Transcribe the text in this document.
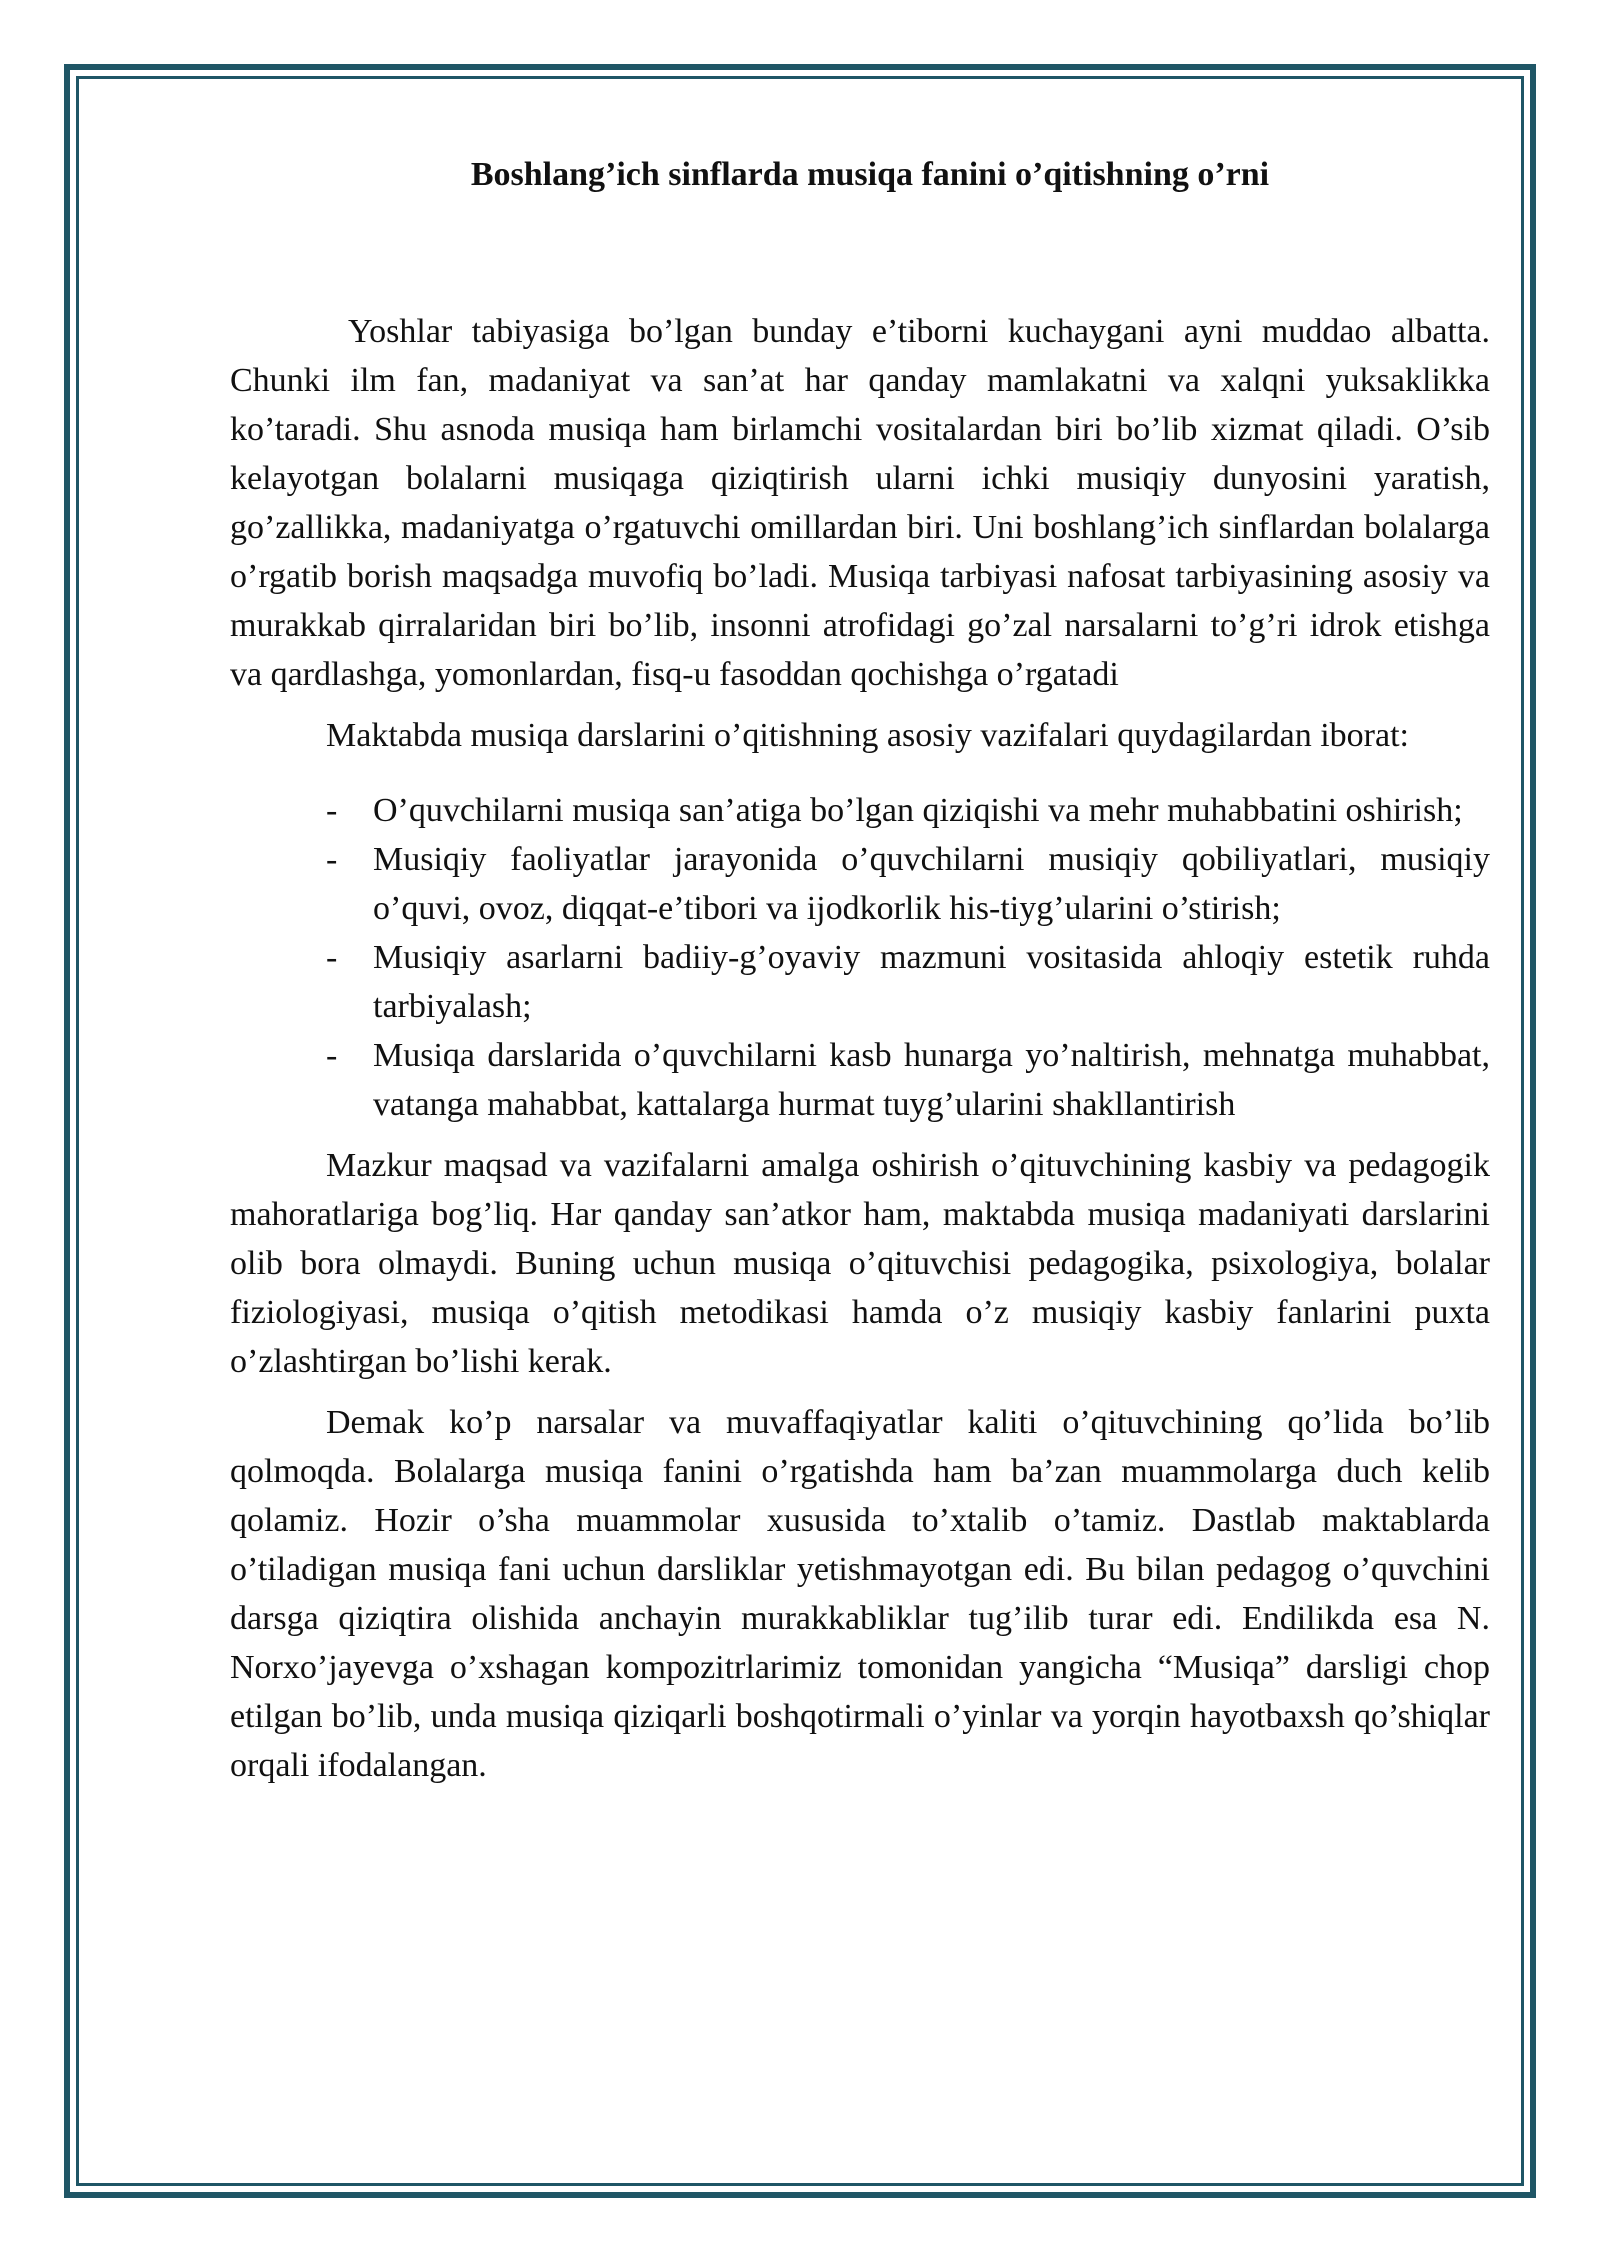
Boshlang’ich sinflarda musiqa fanini o’qitishning o’rni

Yoshlar tabiyasiga bo’lgan bunday e’tiborni kuchaygani ayni muddao albatta. Chunki ilm fan, madaniyat va san’at har qanday mamlakatni va xalqni yuksaklikka ko’taradi. Shu asnoda musiqa ham birlamchi vositalardan biri bo’lib xizmat qiladi. O’sib kelayotgan bolalarni musiqaga qiziqtirish ularni ichki musiqiy dunyosini yaratish, go’zallikka, madaniyatga o’rgatuvchi omillardan biri. Uni boshlang’ich sinflardan bolalarga o’rgatib borish maqsadga muvofiq bo’ladi. Musiqa tarbiyasi nafosat tarbiyasining asosiy va murakkab qirralaridan biri bo’lib, insonni atrofidagi go’zal narsalarni to’g’ri idrok etishga va qardlashga, yomonlardan, fisq-u fasoddan qochishga o’rgatadi

Maktabda musiqa darslarini o’qitishning asosiy vazifalari quydagilardan iborat:

- O’quvchilarni musiqa san’atiga bo’lgan qiziqishi va mehr muhabbatini oshirish;
- Musiqiy faoliyatlar jarayonida o’quvchilarni musiqiy qobiliyatlari, musiqiy o’quvi, ovoz, diqqat-e’tibori va ijodkorlik his-tiyg’ularini o’stirish;
- Musiqiy asarlarni badiiy-g’oyaviy mazmuni vositasida ahloqiy estetik ruhda tarbiyalash;
- Musiqa darslarida o’quvchilarni kasb hunarga yo’naltirish, mehnatga muhabbat, vatanga mahabbat, kattalarga hurmat tuyg’ularini shakllantirish

Mazkur maqsad va vazifalarni amalga oshirish o’qituvchining kasbiy va pedagogik mahoratlariga bog’liq. Har qanday san’atkor ham, maktabda musiqa madaniyati darslarini olib bora olmaydi. Buning uchun musiqa o’qituvchisi pedagogika, psixologiya, bolalar fiziologiyasi, musiqa o’qitish metodikasi hamda o’z musiqiy kasbiy fanlarini puxta o’zlashtirgan bo’lishi kerak.

Demak ko’p narsalar va muvaffaqiyatlar kaliti o’qituvchining qo’lida bo’lib qolmoqda. Bolalarga musiqa fanini o’rgatishda ham ba’zan muammolarga duch kelib qolamiz. Hozir o’sha muammolar xususida to’xtalib o’tamiz. Dastlab maktablarda o’tiladigan musiqa fani uchun darsliklar yetishmayotgan edi. Bu bilan pedagog o’quvchini darsga qiziqtira olishida anchayin murakkabliklar tug’ilib turar edi. Endilikda esa N. Norxo’jayevga o’xshagan kompozitrlarimiz tomonidan yangicha “Musiqa” darsligi chop etilgan bo’lib, unda musiqa qiziqarli boshqotirmali o’yinlar va yorqin hayotbaxsh qo’shiqlar orqali ifodalangan.
